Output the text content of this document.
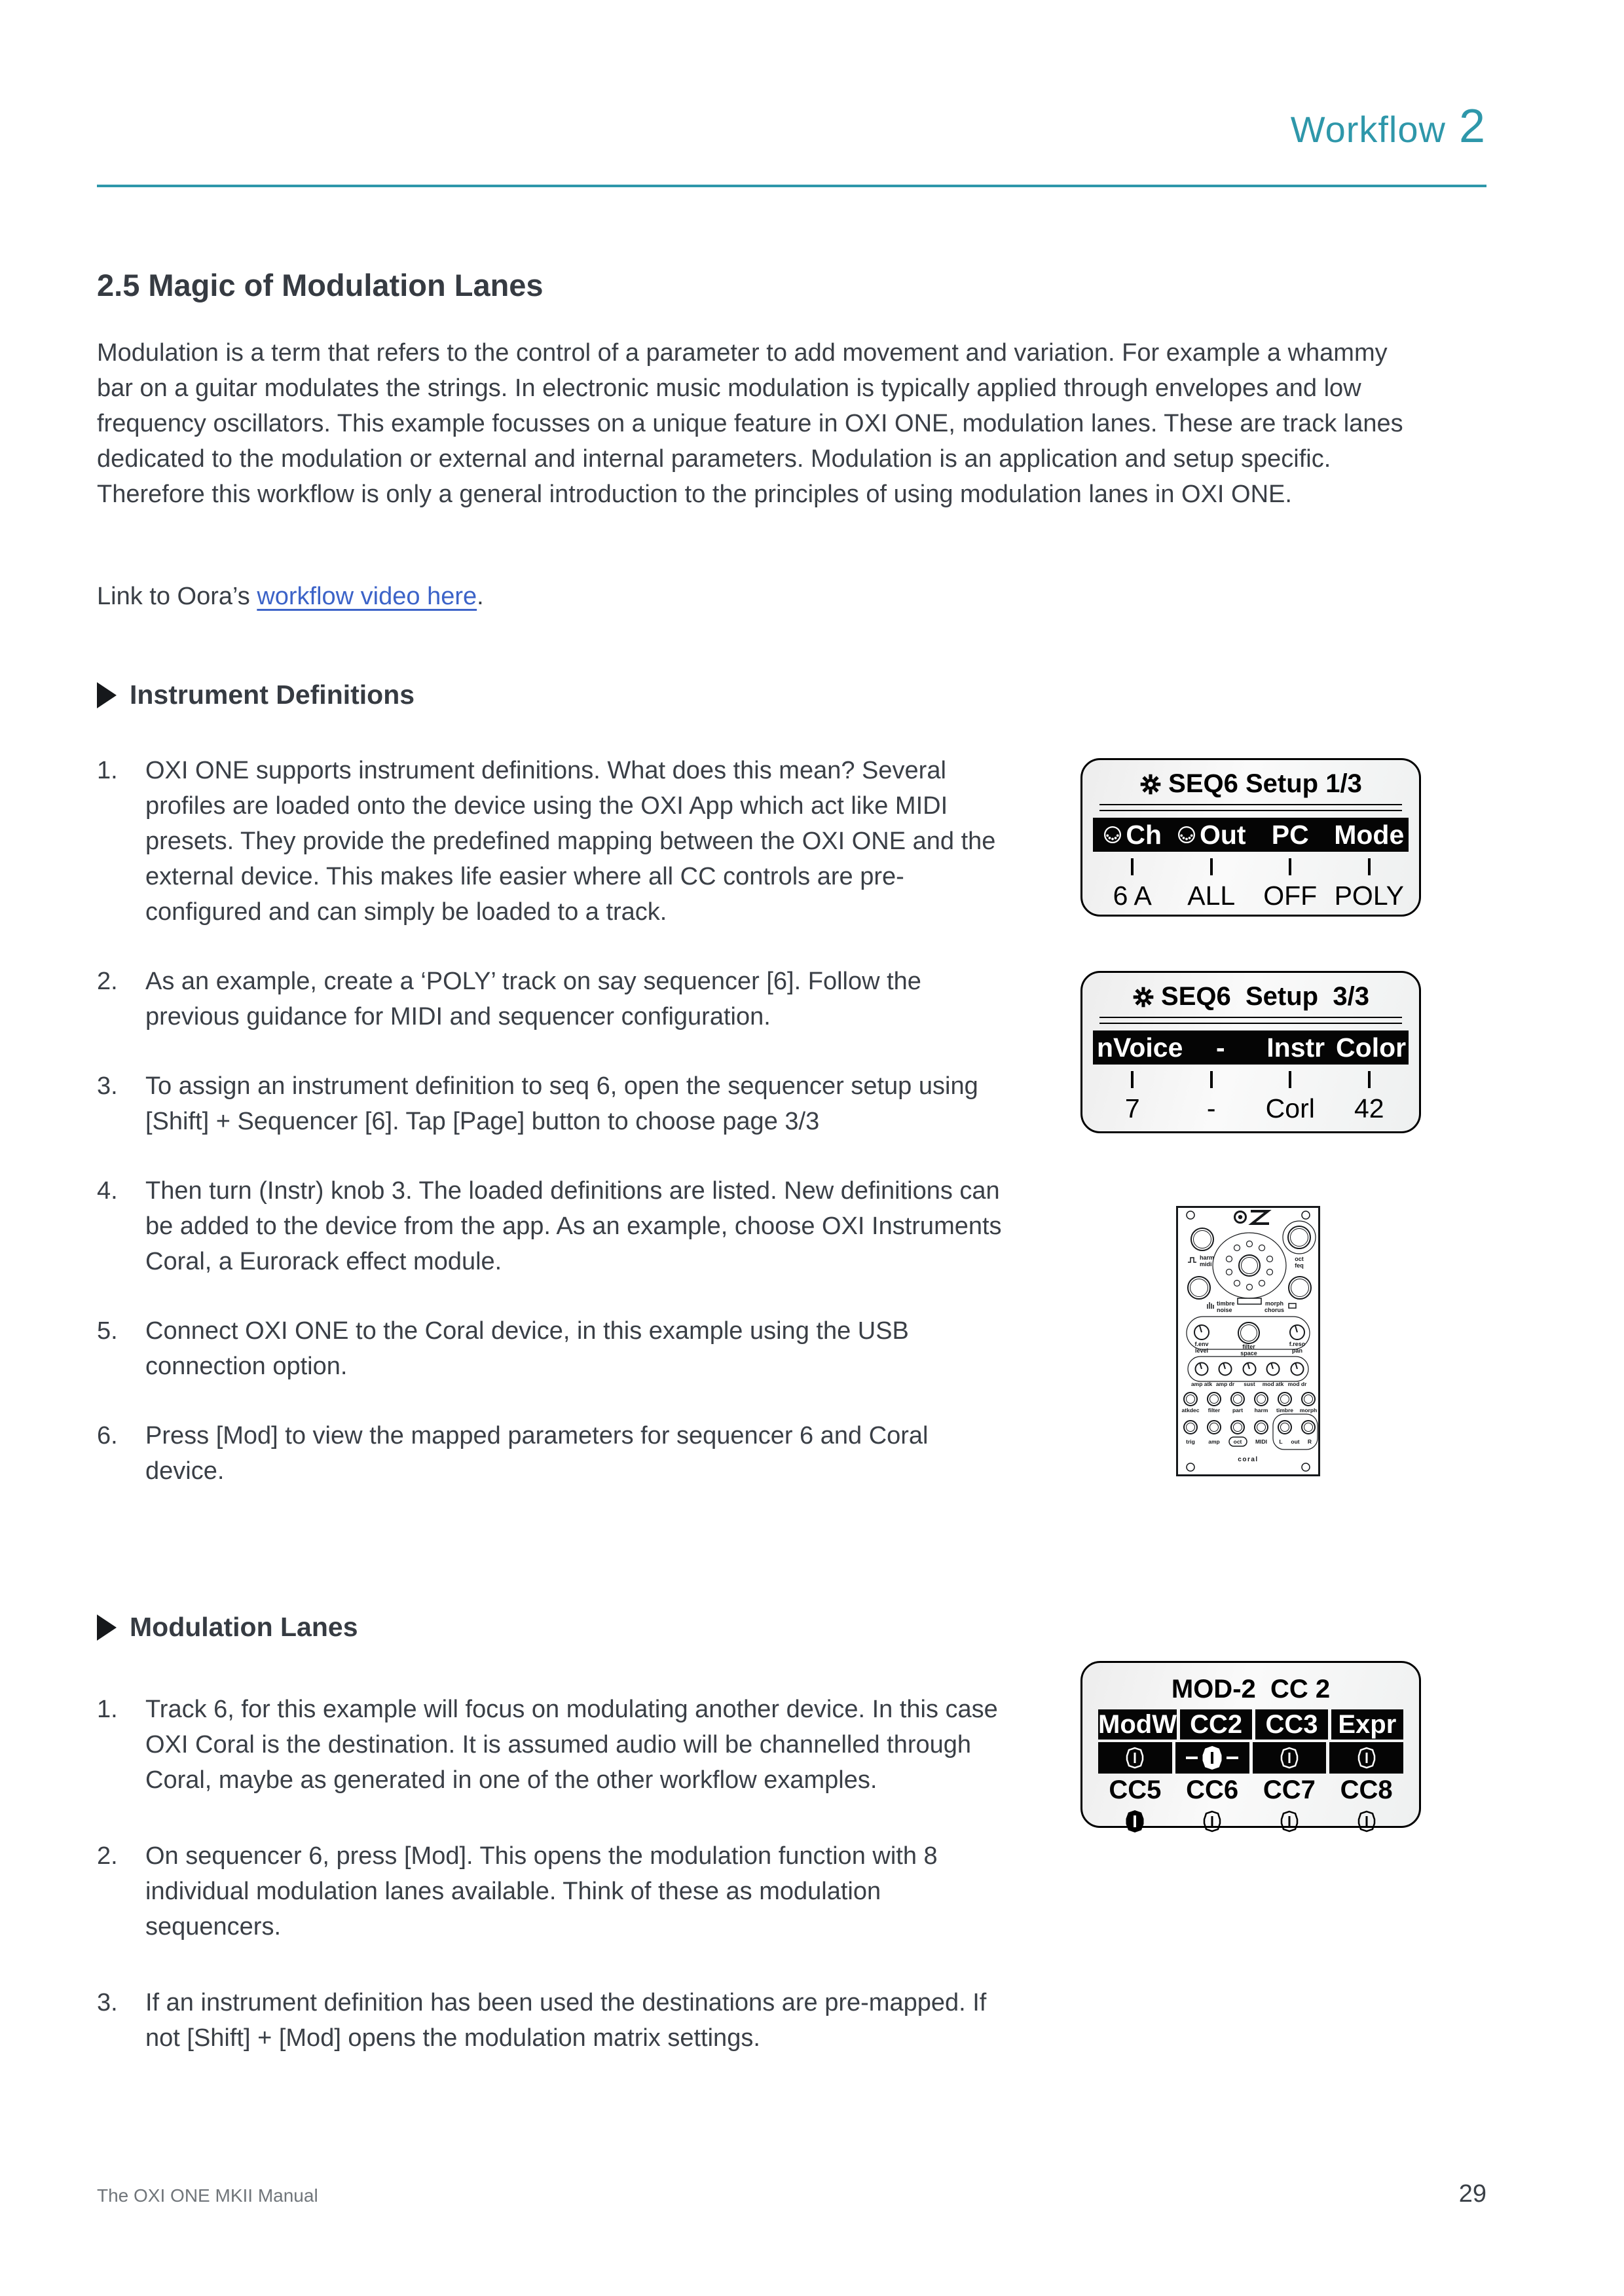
Workflow 2
2.5 Magic of Modulation Lanes
Modulation is a term that refers to the control of a parameter to add movement and variation. For example a whammy bar on a guitar modulates the strings. In electronic music modulation is typically applied through envelopes and low frequency oscillators. This example focusses on a unique feature in OXI ONE, modulation lanes. These are track lanes dedicated to the modulation or external and internal parameters. Modulation is an application and setup specific. Therefore this workflow is only a general introduction to the principles of using modulation lanes in OXI ONE.
Link to Oora’s workflow video here.
Instrument Definitions
1.	OXI ONE supports instrument definitions. What does this mean? Several profiles are loaded onto the device using the OXI App which act like MIDI presets. They provide the predefined mapping between the OXI ONE and the external device. This makes life easier where all CC controls are pre-configured and can simply be loaded to a track.
2.	As an example, create a ‘POLY’ track on say sequencer [6]. Follow the previous guidance for MIDI and sequencer configuration.
3.	To assign an instrument definition to seq 6, open the sequencer setup using [Shift] + Sequencer [6]. Tap [Page] button to choose page 3/3
4.	Then turn (Instr) knob 3. The loaded definitions are listed. New definitions can be added to the device from the app. As an example, choose OXI Instruments Coral, a Eurorack effect module.
5.	Connect OXI ONE to the Coral device, in this example using the USB connection option.
6.	Press [Mod] to view the mapped parameters for sequencer 6 and Coral device.
Modulation Lanes
1.	Track 6, for this example will focus on modulating another device. In this case OXI Coral is the destination. It is assumed audio will be channelled through Coral, maybe as generated in one of the other workflow examples.
2.	On sequencer 6, press [Mod]. This opens the modulation function with 8 individual modulation lanes available. Think of these as modulation sequencers.
3.	If an instrument definition has been used the destinations are pre-mapped. If not [Shift] + [Mod] opens the modulation matrix settings.
SEQ6 Setup 1/3
Ch Out PC Mode
6 A	ALL	OFF POLY
SEQ6  Setup  3/3
nVoice - Instr Color
7	-	Corl	42
harm
midi
oct
feq
timbre
noise
morph
chorus
f.env
level
filter
space
f.reso
pan
amp atk amp dr sust mod atk mod dr
atkdec filter part harm timbre morph
trig amp oct MIDI L out R
coral
MOD-2  CC 2
ModW CC2 CC3 Expr
CC5 CC6 CC7 CC8
The OXI ONE MKII Manual	29
